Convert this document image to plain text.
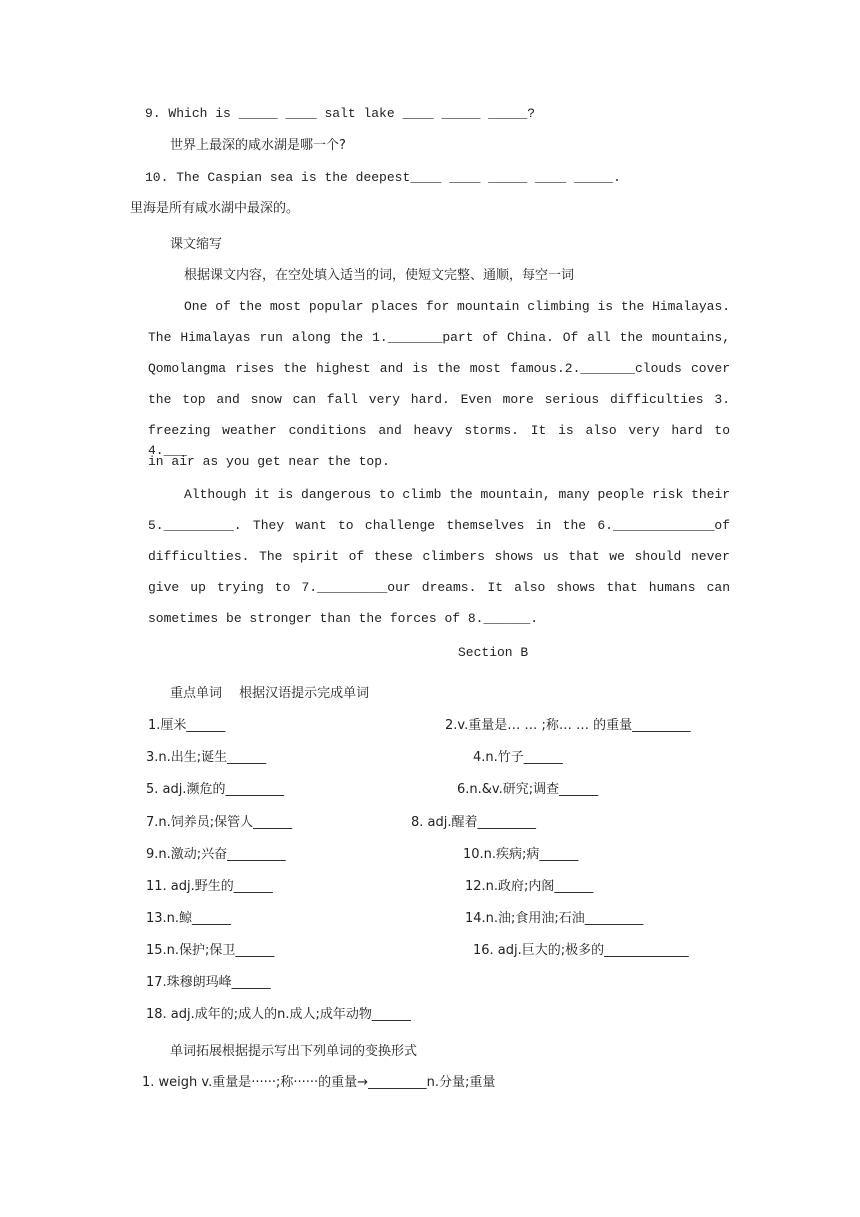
9. Which is _____ ____ salt lake ____ _____ _____?
世界上最深的咸水湖是哪一个?
10. The Caspian sea is the deepest____ ____ _____ ____ _____.
里海是所有咸水湖中最深的。
课文缩写
根据课文内容，在空处填入适当的词，使短文完整、通顺，每空一词
One of the most popular places for mountain climbing is the Himalayas.
The Himalayas run along the 1._______part of China. Of all the mountains,
Qomolangma rises the highest and is the most famous.2._______clouds cover
the top and snow can fall very hard. Even more serious difficulties 3.
freezing weather conditions and heavy storms. It is also very hard to 4.___
in air as you get near the top.
Although it is dangerous to climb the mountain, many people risk their
5._________. They want to challenge themselves in the 6._____________of
difficulties. The spirit of these climbers shows us that we should never
give up trying to 7._________our dreams. It also shows that humans can
sometimes be stronger than the forces of 8.______.
Section B
重点单词　 根据汉语提示完成单词
1.厘米______	2.v.重量是… … ;称… … 的重量_________
3.n.出生;诞生______	4.n.竹子______
5. adj.濒危的_________	6.n.&v.研究;调查______
7.n.饲养员;保管人______	8. adj.醒着_________
9.n.激动;兴奋_________	10.n.疾病;病______
11. adj.野生的______	12.n.政府;内阁______
13.n.鲸______	14.n.油;食用油;石油_________
15.n.保护;保卫______	16. adj.巨大的;极多的_____________
17.珠穆朗玛峰______
18. adj.成年的;成人的n.成人;成年动物______
单词拓展根据提示写出下列单词的变换形式
1. weigh v.重量是······;称······的重量→_________n.分量;重量
